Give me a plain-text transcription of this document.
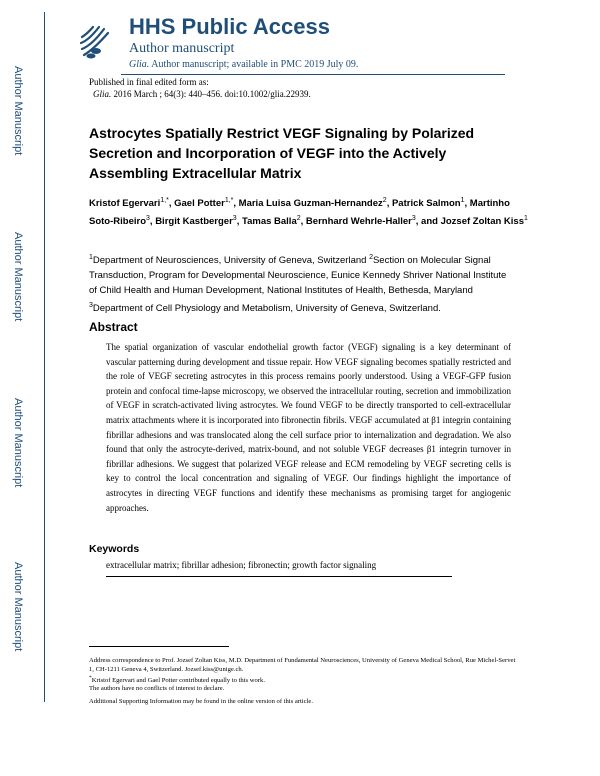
Author Manuscript
Author Manuscript
Author Manuscript
Author Manuscript
HHS Public Access
Author manuscript
Glia. Author manuscript; available in PMC 2019 July 09.
Published in final edited form as:
Glia. 2016 March ; 64(3): 440–456. doi:10.1002/glia.22939.
Astrocytes Spatially Restrict VEGF Signaling by Polarized Secretion and Incorporation of VEGF into the Actively Assembling Extracellular Matrix
Kristof Egervari$^{1,*}$, Gael Potter$^{1,*}$, Maria Luisa Guzman-Hernandez$^2$, Patrick Salmon$^1$, Martinho Soto-Ribeiro$^3$, Birgit Kastberger$^3$, Tamas Balla$^2$, Bernhard Wehrle-Haller$^3$, and Jozsef Zoltan Kiss$^1$
$^1$Department of Neurosciences, University of Geneva, Switzerland $^2$Section on Molecular Signal Transduction, Program for Developmental Neuroscience, Eunice Kennedy Shriver National Institute of Child Health and Human Development, National Institutes of Health, Bethesda, Maryland $^3$Department of Cell Physiology and Metabolism, University of Geneva, Switzerland.
Abstract
The spatial organization of vascular endothelial growth factor (VEGF) signaling is a key determinant of vascular patterning during development and tissue repair. How VEGF signaling becomes spatially restricted and the role of VEGF secreting astrocytes in this process remains poorly understood. Using a VEGF-GFP fusion protein and confocal time-lapse microscopy, we observed the intracellular routing, secretion and immobilization of VEGF in scratch-activated living astrocytes. We found VEGF to be directly transported to cell-extracellular matrix attachments where it is incorporated into fibronectin fibrils. VEGF accumulated at β1 integrin containing fibrillar adhesions and was translocated along the cell surface prior to internalization and degradation. We also found that only the astrocyte-derived, matrix-bound, and not soluble VEGF decreases β1 integrin turnover in fibrillar adhesions. We suggest that polarized VEGF release and ECM remodeling by VEGF secreting cells is key to control the local concentration and signaling of VEGF. Our findings highlight the importance of astrocytes in directing VEGF functions and identify these mechanisms as promising target for angiogenic approaches.
Keywords
extracellular matrix; fibrillar adhesion; fibronectin; growth factor signaling
Address correspondence to Prof. Jozsef Zoltan Kiss, M.D. Department of Fundamental Neurosciences, University of Geneva Medical School, Rue Michel-Servet 1, CH-1211 Geneva 4, Switzerland. Jozsef.kiss@unige.ch.
*Kristof Egervari and Gael Potter contributed equally to this work.
The authors have no conflicts of interest to declare.
Additional Supporting Information may be found in the online version of this article.
